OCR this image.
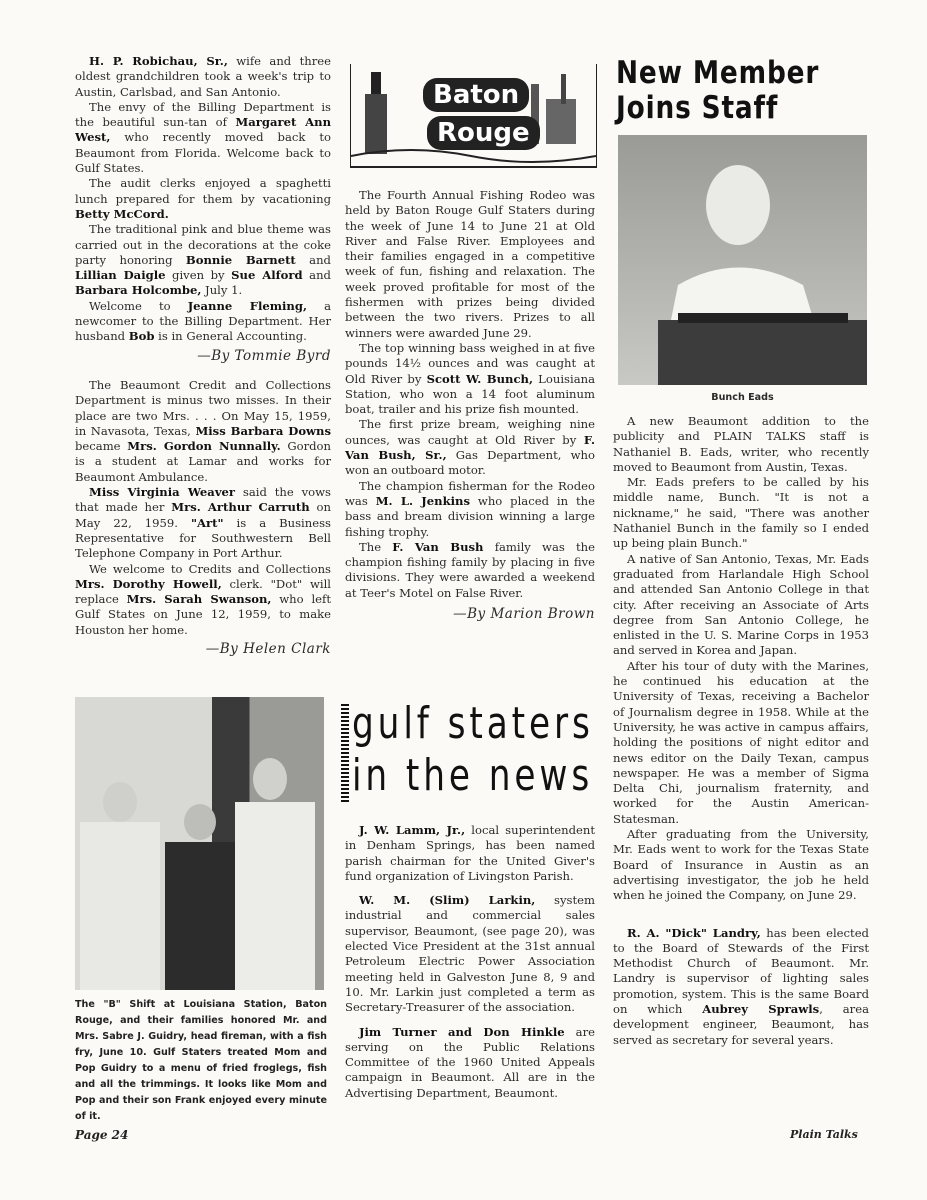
H. P. Robichau, Sr., wife and three oldest grandchildren took a week's trip to Austin, Carlsbad, and San Antonio.

The envy of the Billing Department is the beautiful sun-tan of Margaret Ann West, who recently moved back to Beaumont from Florida. Welcome back to Gulf States.

The audit clerks enjoyed a spaghetti lunch prepared for them by vacationing Betty McCord.

The traditional pink and blue theme was carried out in the decorations at the coke party honoring Bonnie Barnett and Lillian Daigle given by Sue Alford and Barbara Holcombe, July 1.

Welcome to Jeanne Fleming, a newcomer to the Billing Department. Her husband Bob is in General Accounting.

—By Tommie Byrd

The Beaumont Credit and Collections Department is minus two misses. In their place are two Mrs. . . . On May 15, 1959, in Navasota, Texas, Miss Barbara Downs became Mrs. Gordon Nunnally. Gordon is a student at Lamar and works for Beaumont Ambulance.

Miss Virginia Weaver said the vows that made her Mrs. Arthur Carruth on May 22, 1959. "Art" is a Business Representative for Southwestern Bell Telephone Company in Port Arthur.

We welcome to Credits and Collections Mrs. Dorothy Howell, clerk. "Dot" will replace Mrs. Sarah Swanson, who left Gulf States on June 12, 1959, to make Houston her home.

—By Helen Clark
The "B" Shift at Louisiana Station, Baton Rouge, and their families honored Mr. and Mrs. Sabre J. Guidry, head fireman, with a fish fry, June 10. Gulf Staters treated Mom and Pop Guidry to a menu of fried froglegs, fish and all the trimmings. It looks like Mom and Pop and their son Frank enjoyed every minute of it.
Baton
Rouge

The Fourth Annual Fishing Rodeo was held by Baton Rouge Gulf Staters during the week of June 14 to June 21 at Old River and False River. Employees and their families engaged in a competitive week of fun, fishing and relaxation. The week proved profitable for most of the fishermen with prizes being divided between the two rivers. Prizes to all winners were awarded June 29.

The top winning bass weighed in at five pounds 14½ ounces and was caught at Old River by Scott W. Bunch, Louisiana Station, who won a 14 foot aluminum boat, trailer and his prize fish mounted.

The first prize bream, weighing nine ounces, was caught at Old River by F. Van Bush, Sr., Gas Department, who won an outboard motor.

The champion fisherman for the Rodeo was M. L. Jenkins who placed in the bass and bream division winning a large fishing trophy.

The F. Van Bush family was the champion fishing family by placing in five divisions. They were awarded a weekend at Teer's Motel on False River.

—By Marion Brown
gulf staters
in the news

J. W. Lamm, Jr., local superintendent in Denham Springs, has been named parish chairman for the United Giver's fund organization of Livingston Parish.

W. M. (Slim) Larkin, system industrial and commercial sales supervisor, Beaumont, (see page 20), was elected Vice President at the 31st annual Petroleum Electric Power Association meeting held in Galveston June 8, 9 and 10. Mr. Larkin just completed a term as Secretary-Treasurer of the association.

Jim Turner and Don Hinkle are serving on the Public Relations Committee of the 1960 United Appeals campaign in Beaumont. All are in the Advertising Department, Beaumont.

New Member
Joins Staff
Bunch Eads

A new Beaumont addition to the publicity and PLAIN TALKS staff is Nathaniel B. Eads, writer, who recently moved to Beaumont from Austin, Texas.

Mr. Eads prefers to be called by his middle name, Bunch. "It is not a nickname," he said, "There was another Nathaniel Bunch in the family so I ended up being plain Bunch."

A native of San Antonio, Texas, Mr. Eads graduated from Harlandale High School and attended San Antonio College in that city. After receiving an Associate of Arts degree from San Antonio College, he enlisted in the U. S. Marine Corps in 1953 and served in Korea and Japan.

After his tour of duty with the Marines, he continued his education at the University of Texas, receiving a Bachelor of Journalism degree in 1958. While at the University, he was active in campus affairs, holding the positions of night editor and news editor on the Daily Texan, campus newspaper. He was a member of Sigma Delta Chi, journalism fraternity, and worked for the Austin American-Statesman.

After graduating from the University, Mr. Eads went to work for the Texas State Board of Insurance in Austin as an advertising investigator, the job he held when he joined the Company, on June 29.

R. A. "Dick" Landry, has been elected to the Board of Stewards of the First Methodist Church of Beaumont. Mr. Landry is supervisor of lighting sales promotion, system. This is the same Board on which Aubrey Sprawls, area development engineer, Beaumont, has served as secretary for several years.

Page 24	Plain Talks
